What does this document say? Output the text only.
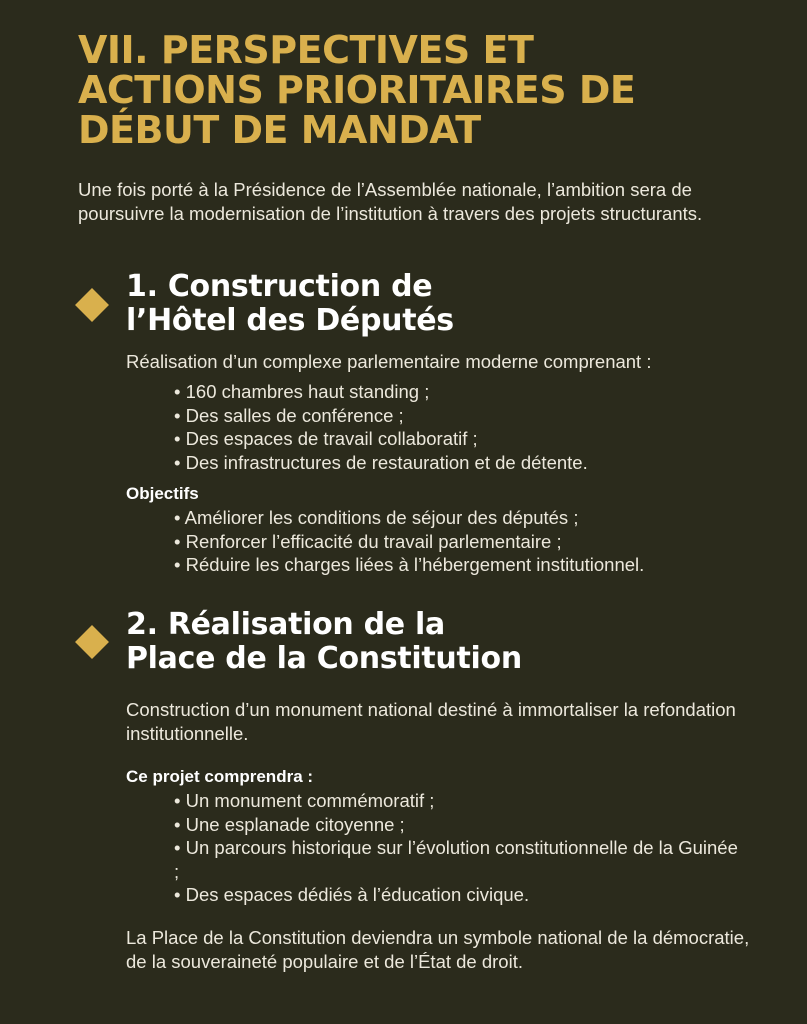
VII. PERSPECTIVES ET
ACTIONS PRIORITAIRES DE
DÉBUT DE MANDAT

Une fois porté à la Présidence de l’Assemblée nationale, l’ambition sera de poursuivre la modernisation de l’institution à travers des projets structurants.

1. Construction de
l’Hôtel des Députés

Réalisation d’un complexe parlementaire moderne comprenant :

• 160 chambres haut standing ;
• Des salles de conférence ;
• Des espaces de travail collaboratif ;
• Des infrastructures de restauration et de détente.

Objectifs

• Améliorer les conditions de séjour des députés ;
• Renforcer l’efficacité du travail parlementaire ;
• Réduire les charges liées à l’hébergement institutionnel.
2. Réalisation de la
Place de la Constitution

Construction d’un monument national destiné à immortaliser la refondation institutionnelle.

Ce projet comprendra :

• Un monument commémoratif ;
• Une esplanade citoyenne ;
• Un parcours historique sur l’évolution constitutionnelle de la Guinée ;
• Des espaces dédiés à l’éducation civique.

La Place de la Constitution deviendra un symbole national de la démocratie, de la souveraineté populaire et de l’État de droit.
